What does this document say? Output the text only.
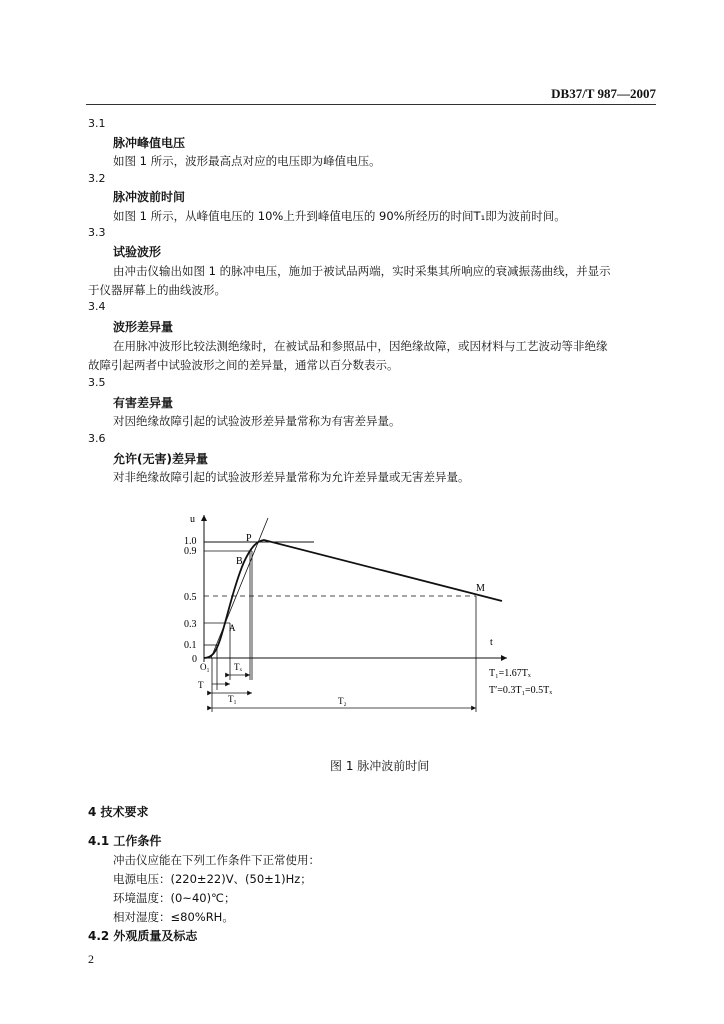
DB37/T 987—2007
3.1
脉冲峰值电压
如图 1 所示，波形最高点对应的电压即为峰值电压。
3.2
脉冲波前时间
如图 1 所示，从峰值电压的 10%上升到峰值电压的 90%所经历的时间T₁即为波前时间。
3.3
试验波形
由冲击仪输出如图 1 的脉冲电压，施加于被试品两端，实时采集其所响应的衰减振荡曲线，并显示
于仪器屏幕上的曲线波形。
3.4
波形差异量
在用脉冲波形比较法测绝缘时，在被试品和参照品中，因绝缘故障，或因材料与工艺波动等非绝缘
故障引起两者中试验波形之间的差异量，通常以百分数表示。
3.5
有害差异量
对因绝缘故障引起的试验波形差异量常称为有害差异量。
3.6
允许(无害)差异量
对非绝缘故障引起的试验波形差异量常称为允许差异量或无害差异量。
u
t
1.0
0.9
0.5
0.3
0.1
0
P
B
A
M
O₁	Tₓ
T
T₁	T₂
T₁=1.67Tₓ
T′=0.3T₁=0.5Tₓ
图 1 脉冲波前时间
4 技术要求
4.1 工作条件
冲击仪应能在下列工作条件下正常使用：
电源电压：(220±22)V、(50±1)Hz；
环境温度：(0~40)℃；
相对湿度：≤80%RH。
4.2 外观质量及标志
2
